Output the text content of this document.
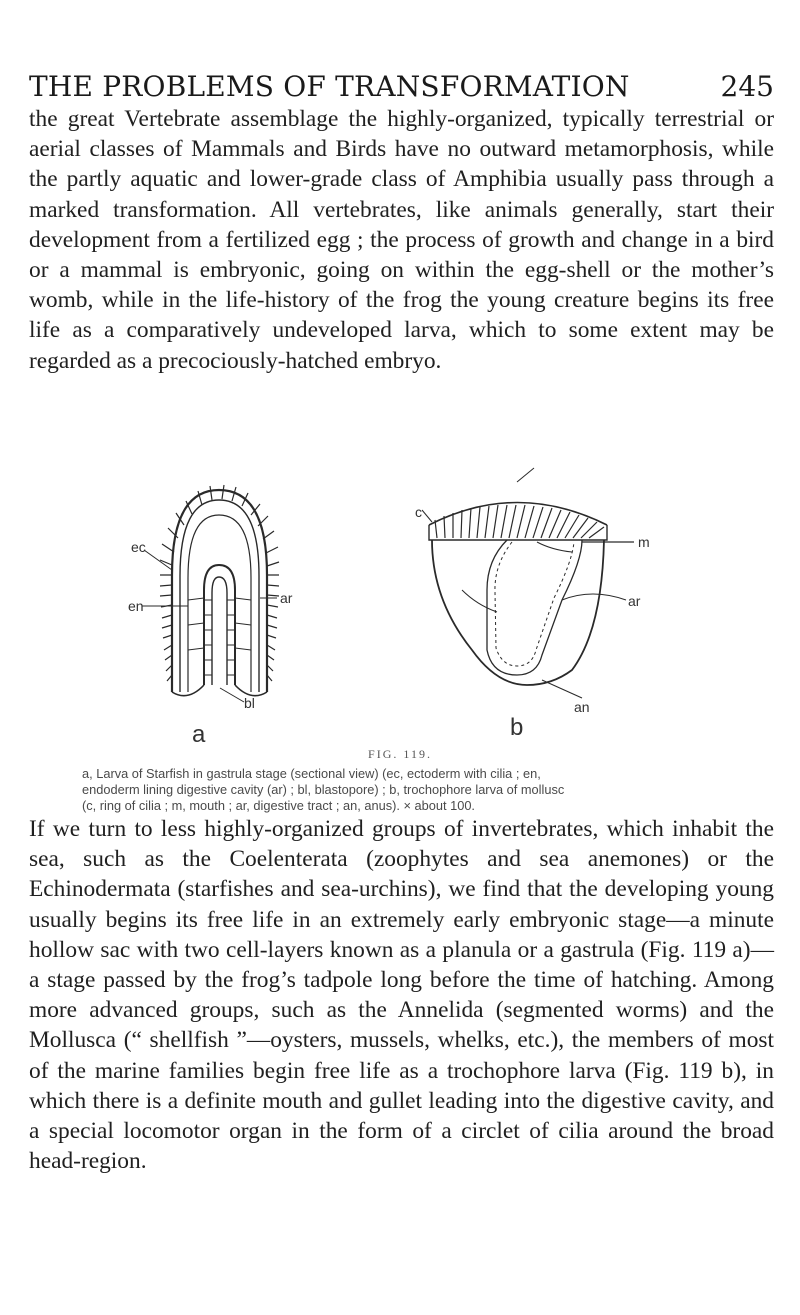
THE PROBLEMS OF TRANSFORMATION	245
the great Vertebrate assemblage the highly-organized, typically terrestrial or aerial classes of Mammals and Birds have no outward metamorphosis, while the partly aquatic and lower-grade class of Amphibia usually pass through a marked transformation. All vertebrates, like animals generally, start their development from a fertilized egg ; the process of growth and change in a bird or a mammal is embryonic, going on within the egg-shell or the mother’s womb, while in the life-history of the frog the young creature begins its free life as a comparatively undeveloped larva, which to some extent may be regarded as a precociously-hatched embryo.
ec
en	ar
bl
a
c
m
ar
an
b
FIG. 119.
a, Larva of Starfish in gastrula stage (sectional view) (ec, ectoderm with cilia ; en,
endoderm lining digestive cavity (ar) ; bl, blastopore) ; b, trochophore larva of mollusc
(c, ring of cilia ; m, mouth ; ar, digestive tract ; an, anus). × about 100.
If we turn to less highly-organized groups of invertebrates, which inhabit the sea, such as the Coelenterata (zoophytes and sea anemones) or the Echinodermata (starfishes and sea-urchins), we find that the developing young usually begins its free life in an extremely early embryonic stage—a minute hollow sac with two cell-layers known as a planula or a gastrula (Fig. 119 a)—a stage passed by the frog’s tadpole long before the time of hatching. Among more advanced groups, such as the Annelida (segmented worms) and the Mollusca (“ shellfish ”—oysters, mussels, whelks, etc.), the members of most of the marine families begin free life as a trochophore larva (Fig. 119 b), in which there is a definite mouth and gullet leading into the digestive cavity, and a special locomotor organ in the form of a circlet of cilia around the broad head-region.
